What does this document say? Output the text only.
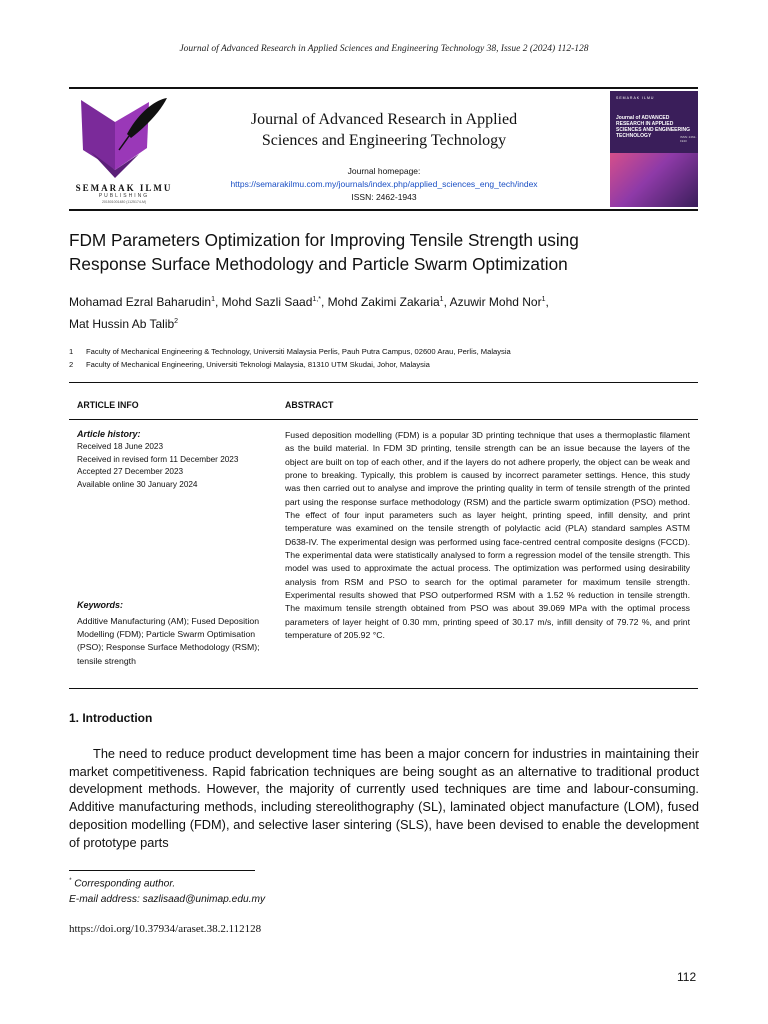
Journal of Advanced Research in Applied Sciences and Engineering Technology 38, Issue 2 (2024) 112-128
SEMARAK ILMU
PUBLISHING
201501001480 (1125174-M)
Journal of Advanced Research in Applied
Sciences and Engineering Technology
Journal homepage:
https://semarakilmu.com.my/journals/index.php/applied_sciences_eng_tech/index
ISSN: 2462-1943
SEMARAK ILMU
Journal of ADVANCED RESEARCH IN APPLIED SCIENCES AND ENGINEERING TECHNOLOGY	ISSN: 2462-1943
FDM Parameters Optimization for Improving Tensile Strength using
Response Surface Methodology and Particle Swarm Optimization
Mohamad Ezral Baharudin$^1$, Mohd Sazli Saad$^{1,*}$, Mohd Zakimi Zakaria$^1$, Azuwir Mohd Nor$^1$,
Mat Hussin Ab Talib$^2$
1 Faculty of Mechanical Engineering & Technology, Universiti Malaysia Perlis, Pauh Putra Campus, 02600 Arau, Perlis, Malaysia
2 Faculty of Mechanical Engineering, Universiti Teknologi Malaysia, 81310 UTM Skudai, Johor, Malaysia
ARTICLE INFO	ABSTRACT
Article history:
Received 18 June 2023
Received in revised form 11 December 2023
Accepted 27 December 2023
Available online 30 January 2024
Keywords:
Additive Manufacturing (AM); Fused Deposition Modelling (FDM); Particle Swarm Optimisation (PSO); Response Surface Methodology (RSM); tensile strength
Fused deposition modelling (FDM) is a popular 3D printing technique that uses a thermoplastic filament as the build material. In FDM 3D printing, tensile strength can be an issue because the layers of the object are built on top of each other, and if the layers do not adhere properly, the object can be weak and prone to breaking. Typically, this problem is caused by incorrect parameter settings. Hence, this study was then carried out to analyse and improve the printing quality in term of tensile strength of the printed part using the response surface methodology (RSM) and the particle swarm optimization (PSO) method. The effect of four input parameters such as layer height, printing speed, infill density, and print temperature was examined on the tensile strength of polylactic acid (PLA) standard samples ASTM D638-IV. The experimental design was performed using face-centred central composite designs (FCCD). The experimental data were statistically analysed to form a regression model of the tensile strength. This model was used to approximate the actual process. The optimization was performed using desirability analysis from RSM and PSO to search for the optimal parameter for maximum tensile strength. Experimental results showed that PSO outperformed RSM with a 1.52 % reduction in tensile strength. The maximum tensile strength obtained from PSO was about 39.069 MPa with the optimal process parameters of layer height of 0.30 mm, printing speed of 30.17 m/s, infill density of 79.72 %, and print temperature of 205.92 °C.
1. Introduction
The need to reduce product development time has been a major concern for industries in maintaining their market competitiveness. Rapid fabrication techniques are being sought as an alternative to traditional product development methods. However, the majority of currently used techniques are time and labour-consuming. Additive manufacturing methods, including stereolithography (SL), laminated object manufacture (LOM), fused deposition modelling (FDM), and selective laser sintering (SLS), have been devised to enable the development of prototype parts
* Corresponding author.
E-mail address: sazlisaad@unimap.edu.my
https://doi.org/10.37934/araset.38.2.112128
112
